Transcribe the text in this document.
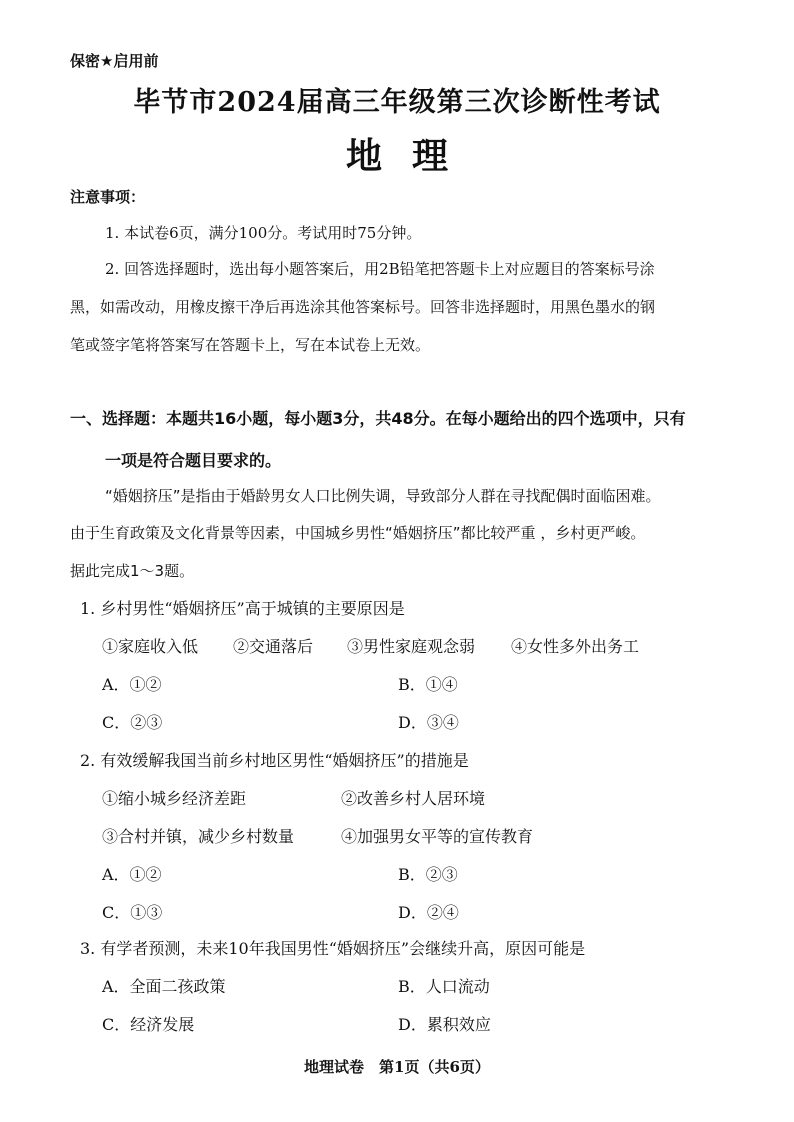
保密★启用前
毕节市2024届高三年级第三次诊断性考试
地理
注意事项：
1. 本试卷6页，满分100分。考试用时75分钟。
2. 回答选择题时，选出每小题答案后，用2B铅笔把答题卡上对应题目的答案标号涂
黑，如需改动，用橡皮擦干净后再选涂其他答案标号。回答非选择题时，用黑色墨水的钢
笔或签字笔将答案写在答题卡上，写在本试卷上无效。
一、选择题：本题共16小题，每小题3分，共48分。在每小题给出的四个选项中，只有
一项是符合题目要求的。
“婚姻挤压”是指由于婚龄男女人口比例失调，导致部分人群在寻找配偶时面临困难。
由于生育政策及文化背景等因素，中国城乡男性“婚姻挤压”都比较严重 ，乡村更严峻。
据此完成1～3题。
1. 乡村男性“婚姻挤压”高于城镇的主要原因是
①家庭收入低 ②交通落后 ③男性家庭观念弱 ④女性多外出务工
A．①②	B．①④
C．②③	D．③④
2. 有效缓解我国当前乡村地区男性“婚姻挤压”的措施是
①缩小城乡经济差距	②改善乡村人居环境
③合村并镇，减少乡村数量	④加强男女平等的宣传教育
A．①②	B．②③
C．①③	D．②④
3. 有学者预测，未来10年我国男性“婚姻挤压”会继续升高，原因可能是
A．全面二孩政策	B．人口流动
C．经济发展	D．累积效应
地理试卷　第1页（共6页）
